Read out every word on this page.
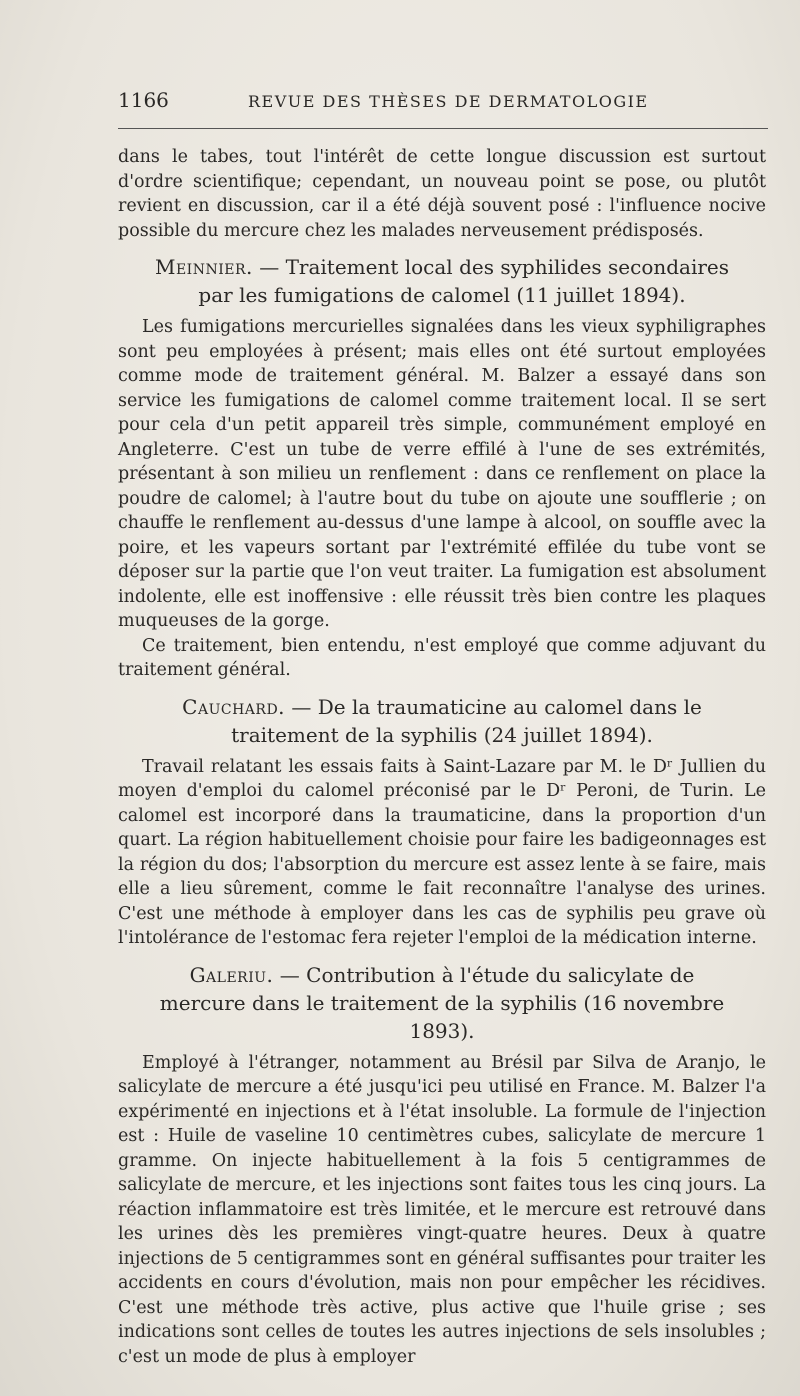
1166	REVUE DES THÈSES DE DERMATOLOGIE

dans le tabes, tout l'intérêt de cette longue discussion est surtout d'ordre scientifique; cependant, un nouveau point se pose, ou plutôt revient en discussion, car il a été déjà souvent posé : l'influence nocive possible du mercure chez les malades nerveusement prédisposés.

Meinnier. — Traitement local des syphilides secondaires par les fumigations de calomel (11 juillet 1894).

Les fumigations mercurielles signalées dans les vieux syphiligraphes sont peu employées à présent; mais elles ont été surtout employées comme mode de traitement général. M. Balzer a essayé dans son service les fumigations de calomel comme traitement local. Il se sert pour cela d'un petit appareil très simple, communément employé en Angleterre. C'est un tube de verre effilé à l'une de ses extrémités, présentant à son milieu un renflement : dans ce renflement on place la poudre de calomel; à l'autre bout du tube on ajoute une soufflerie ; on chauffe le renflement au-dessus d'une lampe à alcool, on souffle avec la poire, et les vapeurs sortant par l'extrémité effilée du tube vont se déposer sur la partie que l'on veut traiter. La fumigation est absolument indolente, elle est inoffensive : elle réussit très bien contre les plaques muqueuses de la gorge.

Ce traitement, bien entendu, n'est employé que comme adjuvant du traitement général.

Cauchard. — De la traumaticine au calomel dans le traitement de la syphilis (24 juillet 1894).

Travail relatant les essais faits à Saint-Lazare par M. le Dʳ Jullien du moyen d'emploi du calomel préconisé par le Dʳ Peroni, de Turin. Le calomel est incorporé dans la traumaticine, dans la proportion d'un quart. La région habituellement choisie pour faire les badigeonnages est la région du dos; l'absorption du mercure est assez lente à se faire, mais elle a lieu sûrement, comme le fait reconnaître l'analyse des urines. C'est une méthode à employer dans les cas de syphilis peu grave où l'intolérance de l'estomac fera rejeter l'emploi de la médication interne.

Galeriu. — Contribution à l'étude du salicylate de mercure dans le traitement de la syphilis (16 novembre 1893).

Employé à l'étranger, notamment au Brésil par Silva de Aranjo, le salicylate de mercure a été jusqu'ici peu utilisé en France. M. Balzer l'a expérimenté en injections et à l'état insoluble. La formule de l'injection est : Huile de vaseline 10 centimètres cubes, salicylate de mercure 1 gramme. On injecte habituellement à la fois 5 centigrammes de salicylate de mercure, et les injections sont faites tous les cinq jours. La réaction inflammatoire est très limitée, et le mercure est retrouvé dans les urines dès les premières vingt-quatre heures. Deux à quatre injections de 5 centigrammes sont en général suffisantes pour traiter les accidents en cours d'évolution, mais non pour empêcher les récidives. C'est une méthode très active, plus active que l'huile grise ; ses indications sont celles de toutes les autres injections de sels insolubles ; c'est un mode de plus à employer
